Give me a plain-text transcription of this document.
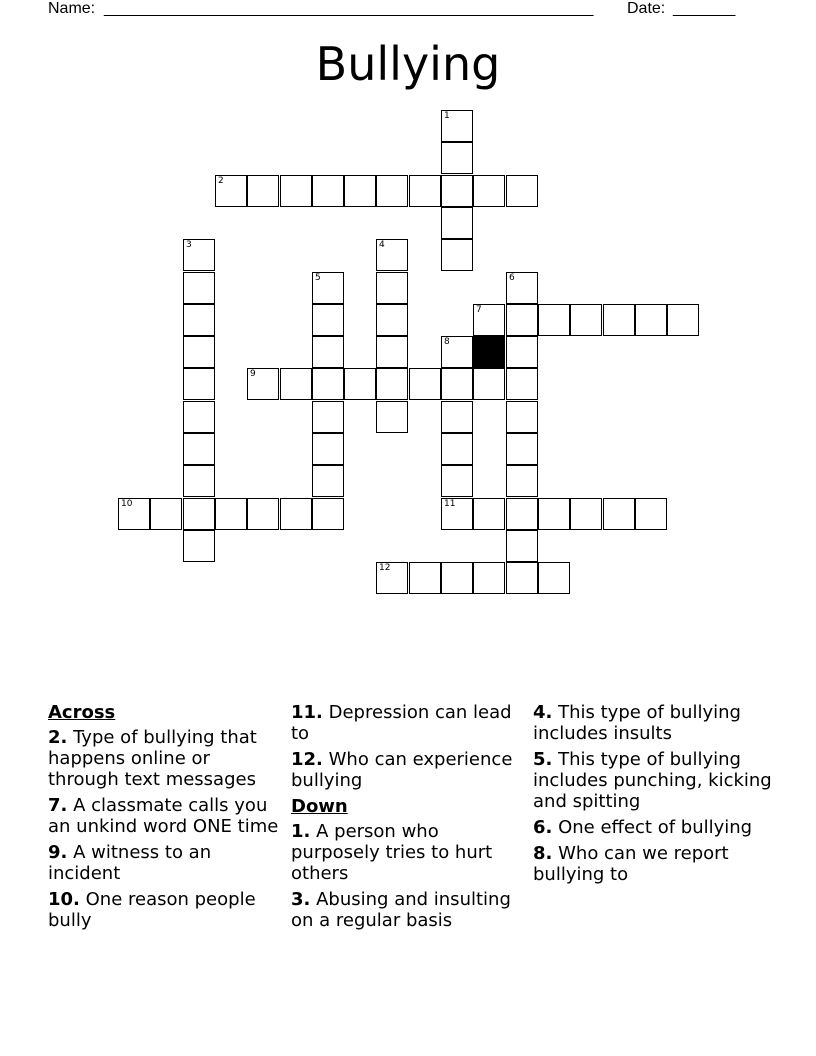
Name: _______________________________________________________ Date: _______
Bullying
1
2
3	4
5	6
7
8
11
9
10
12
Across
2. Type of bullying that happens online or through text messages
7. A classmate calls you an unkind word ONE time
9. A witness to an incident
10. One reason people bully
11. Depression can lead to
12. Who can experience bullying
Down
1. A person who purposely tries to hurt others
3. Abusing and insulting on a regular basis
4. This type of bullying includes insults
5. This type of bullying includes punching, kicking and spitting
6. One effect of bullying
8. Who can we report bullying to
